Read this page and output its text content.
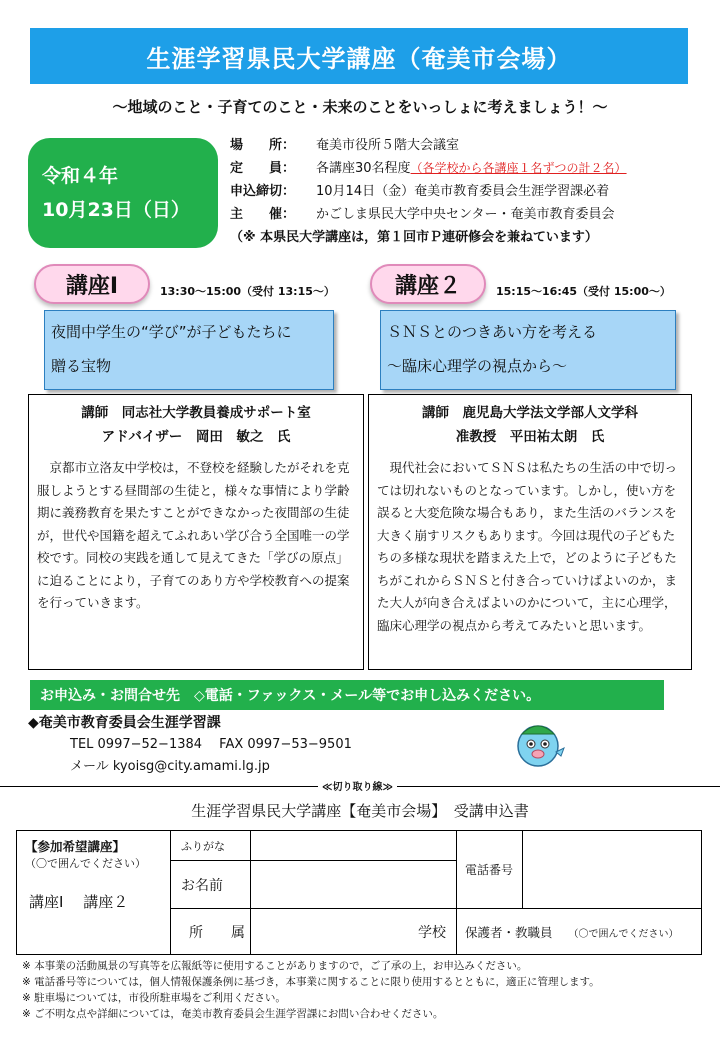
生涯学習県民大学講座（奄美市会場）
～地域のこと・子育てのこと・未来のことをいっしょに考えましょう！～
令和４年
10月23日（日）
場　　所：	奄美市役所５階大会議室
定　　員：	各講座30名程度 （各学校から各講座１名ずつの計２名）
申込締切：	10月14日（金）奄美市教育委員会生涯学習課必着
主　　催：	かごしま県民大学中央センター・奄美市教育委員会
（※ 本県民大学講座は，第１回市Ｐ連研修会を兼ねています）
講座Ⅰ	13:30～15:00（受付 13:15～）
夜間中学生の“学び”が子どもたちに
贈る宝物
講師　同志社大学教員養成サポート室
アドバイザー　岡田　敏之　氏
京都市立洛友中学校は，不登校を経験したがそれを克服しようとする昼間部の生徒と，様々な事情により学齢期に義務教育を果たすことができなかった夜間部の生徒が，世代や国籍を超えてふれあい学び合う全国唯一の学校です。同校の実践を通して見えてきた「学びの原点」に迫ることにより，子育てのあり方や学校教育への提案を行っていきます。
講座２	15:15～16:45（受付 15:00～）
ＳＮＳとのつきあい方を考える
～臨床心理学の視点から～
講師　鹿児島大学法文学部人文学科
准教授　平田祐太朗　氏
現代社会においてＳＮＳは私たちの生活の中で切っては切れないものとなっています。しかし，使い方を誤ると大変危険な場合もあり，また生活のバランスを大きく崩すリスクもあります。今回は現代の子どもたちの多様な現状を踏まえた上で，どのように子どもたちがこれからＳＮＳと付き合っていけばよいのか，また大人が向き合えばよいのかについて，主に心理学，臨床心理学の視点から考えてみたいと思います。
お申込み・お問合せ先　◇電話・ファックス・メール等でお申し込みください。
◆奄美市教育委員会生涯学習課
TEL 0997−52−1384　 FAX 0997−53−9501
メール kyoisg@city.amami.lg.jp
≪切り取り線≫
生涯学習県民大学講座【奄美市会場】　受講申込書
【参加希望講座】
（〇で囲んでください）
講座Ⅰ　 講座２	ふりがな		電話番号	
	お名前			
	所　　属	学校	保護者・教職員 （〇で囲んでください）	
※ 本事業の活動風景の写真等を広報紙等に使用することがありますので，ご了承の上，お申込みください。
※ 電話番号等については，個人情報保護条例に基づき，本事業に関することに限り使用するとともに，適正に管理します。
※ 駐車場については，市役所駐車場をご利用ください。
※ ご不明な点や詳細については，奄美市教育委員会生涯学習課にお問い合わせください。
